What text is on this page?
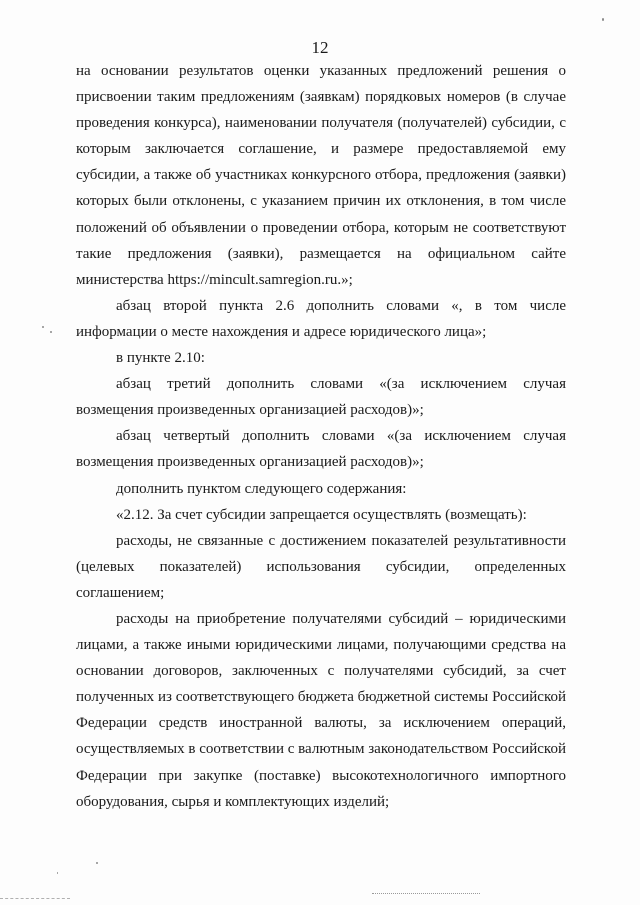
12

на основании результатов оценки указанных предложений решения о присвоении таким предложениям (заявкам) порядковых номеров (в случае проведения конкурса), наименовании получателя (получателей) субсидии, с которым заключается соглашение, и размере предоставляемой ему субсидии, а также об участниках конкурсного отбора, предложения (заявки) которых были отклонены, с указанием причин их отклонения, в том числе положений об объявлении о проведении отбора, которым не соответствуют такие предложения (заявки), размещается на официальном сайте министерства https://mincult.samregion.ru.»;

абзац второй пункта 2.6 дополнить словами «, в том числе информации о месте нахождения и адресе юридического лица»;

в пункте 2.10:

абзац третий дополнить словами «(за исключением случая возмещения произведенных организацией расходов)»;

абзац четвертый дополнить словами «(за исключением случая возмещения произведенных организацией расходов)»;

дополнить пунктом следующего содержания:

«2.12. За счет субсидии запрещается осуществлять (возмещать):

расходы, не связанные с достижением показателей результативности (целевых показателей) использования субсидии, определенных соглашением;

расходы на приобретение получателями субсидий – юридическими лицами, а также иными юридическими лицами, получающими средства на основании договоров, заключенных с получателями субсидий, за счет полученных из соответствующего бюджета бюджетной системы Российской Федерации средств иностранной валюты, за исключением операций, осуществляемых в соответствии с валютным законодательством Российской Федерации при закупке (поставке) высокотехнологичного импортного оборудования, сырья и комплектующих изделий;
